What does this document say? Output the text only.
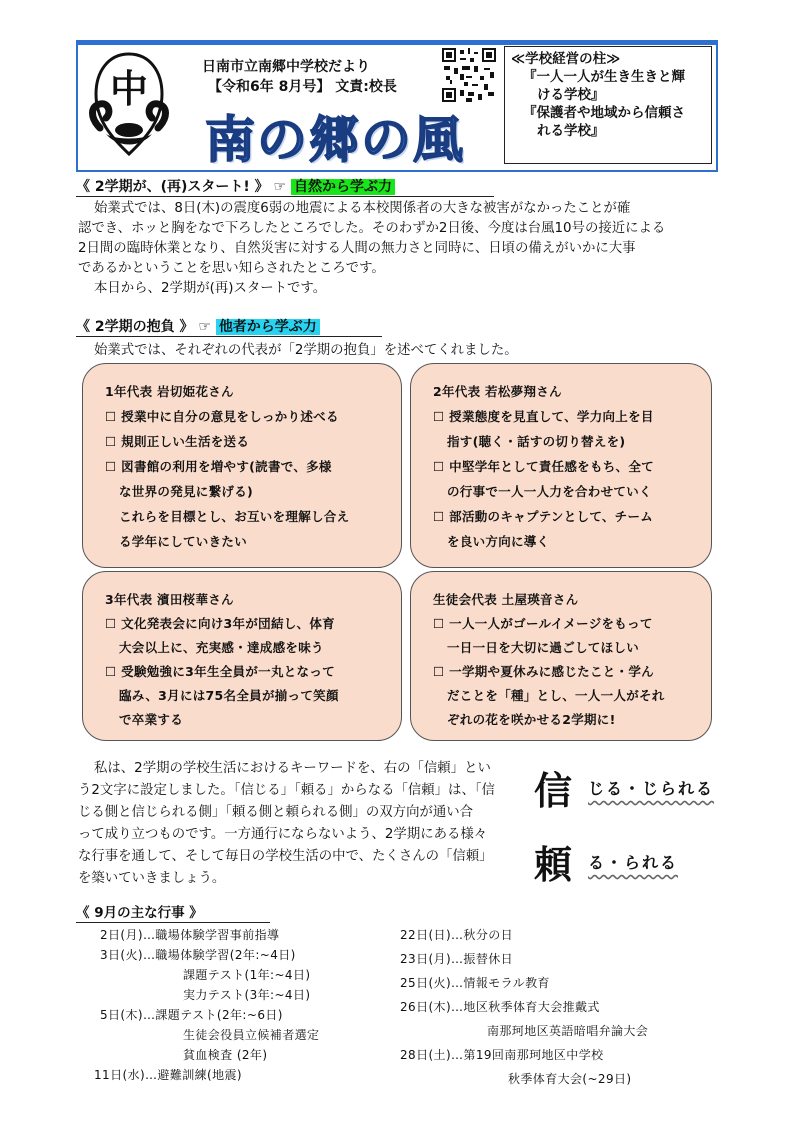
中	日南市立南郷中学校だより
【令和6年 8月号】 文責:校長
南の郷の風
≪学校経営の柱≫
『一人一人が生き生きと輝
ける学校』
『保護者や地域から信頼さ
れる学校』
《 2学期が、(再)スタート! 》 ☞ 自然から学ぶ力
始業式では、8日(木)の震度6弱の地震による本校関係者の大きな被害がなかったことが確
認でき、ホッと胸をなで下ろしたところでした。そのわずか2日後、今度は台風10号の接近による
2日間の臨時休業となり、自然災害に対する人間の無力さと同時に、日頃の備えがいかに大事
であるかということを思い知らされたところです。
本日から、2学期が(再)スタートです。
《 2学期の抱負 》 ☞ 他者から学ぶ力
始業式では、それぞれの代表が「2学期の抱負」を述べてくれました。
1年代表 岩切姫花さん
☐ 授業中に自分の意見をしっかり述べる
☐ 規則正しい生活を送る
☐ 図書館の利用を増やす(読書で、多様
な世界の発見に繋げる)
これらを目標とし、お互いを理解し合え
る学年にしていきたい
2年代表 若松夢翔さん
☐ 授業態度を見直して、学力向上を目
指す(聴く・話すの切り替えを)
☐ 中堅学年として責任感をもち、全て
の行事で一人一人力を合わせていく
☐ 部活動のキャプテンとして、チーム
を良い方向に導く
3年代表 濱田桜華さん
☐ 文化発表会に向け3年が団結し、体育
大会以上に、充実感・達成感を味う
☐ 受験勉強に3年生全員が一丸となって
臨み、3月には75名全員が揃って笑顔
で卒業する
生徒会代表 土屋瑛音さん
☐ 一人一人がゴールイメージをもって
一日一日を大切に過ごしてほしい
☐ 一学期や夏休みに感じたこと・学ん
だことを「種」とし、一人一人がそれ
ぞれの花を咲かせる2学期に!
私は、2学期の学校生活におけるキーワードを、右の「信頼」とい
う2文字に設定しました。「信じる」「頼る」からなる「信頼」は、「信
じる側と信じられる側」「頼る側と頼られる側」の双方向が通い合
って成り立つものです。一方通行にならないよう、2学期にある様々
な行事を通して、そして毎日の学校生活の中で、たくさんの「信頼」
を築いていきましょう。
信 じる・じられる
頼 る・られる
《 9月の主な行事 》
2日(月)…職場体験学習事前指導
3日(火)…職場体験学習(2年:~4日)
課題テスト(1年:~4日)
実力テスト(3年:~4日)
5日(木)…課題テスト(2年:~6日)
生徒会役員立候補者選定
貧血検査 (2年)
11日(水)…避難訓練(地震)
22日(日)…秋分の日
23日(月)…振替休日
25日(火)…情報モラル教育
26日(木)…地区秋季体育大会推戴式
南那珂地区英語暗唱弁論大会
28日(土)…第19回南那珂地区中学校
秋季体育大会(~29日)
